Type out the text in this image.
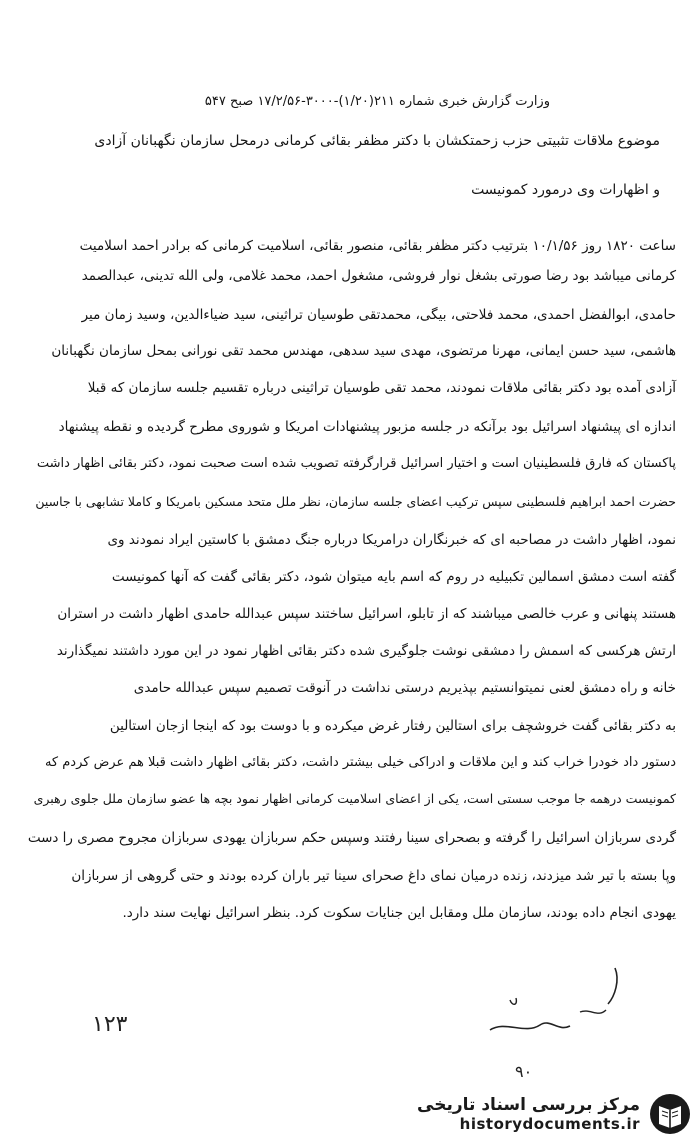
وزارت گزارش خبری شماره ۲۱۱(۱/۲۰)-۳۰۰۰-۱۷/۲/۵۶ صبح ۵۴۷
موضوع ملاقات تثبیتی حزب زحمتکشان با دکتر مظفر بقائی کرمانی درمحل سازمان نگهبانان آزادی
و اظهارات وی درمورد کمونیست
ساعت ۱۸۲۰ روز ۱۰/۱/۵۶ بترتیب دکتر مظفر بقائی، منصور بقائی، اسلامیت کرمانی که برادر احمد اسلامیت
کرمانی میباشد بود رضا صورتی بشغل نوار فروشی، مشغول احمد، محمد غلامی، ولی الله تدینی، عبدالصمد
حامدی، ابوالفضل احمدی، محمد فلاحتی، بیگی، محمدتقی طوسیان تراثینی، سید ضیاءالدین، وسید زمان میر
هاشمی، سید حسن ایمانی، مهرنا مرتضوی، مهدی سید سدهی، مهندس محمد تقی نورانی بمحل سازمان نگهبانان
آزادی آمده بود دکتر بقائی ملاقات نمودند، محمد تقی طوسیان تراثینی درباره تقسیم جلسه سازمان که قبلا
اندازه ای پیشنهاد اسرائیل بود برآنکه در جلسه مزبور پیشنهادات امریکا و شوروی مطرح گردیده و نقطه پیشنهاد
پاکستان که فارق فلسطینیان است و اختیار اسرائیل قرارگرفته تصویب شده است صحبت نمود، دکتر بقائی اظهار داشت
حضرت احمد ابراهیم فلسطینی سپس ترکیب اعضای جلسه سازمان، نظر ملل متحد مسکین بامریکا و کاملا تشابهی با جاسین
نمود، اظهار داشت در مصاحبه ای که خبرنگاران درامریکا درباره جنگ دمشق با کاستین ایراد نمودند وی
گفته است دمشق اسمالین تکبیلیه در روم که اسم بایه میتوان شود، دکتر بقائی گفت که آنها کمونیست
هستند پنهانی و عرب خالصی میباشند که از تابلو، اسرائیل ساختند سپس عبدالله حامدی اظهار داشت در استران
ارتش هرکسی که اسمش را دمشقی نوشت جلوگیری شده دکتر بقائی اظهار نمود در این مورد داشتند نمیگذارند
خانه و راه دمشق لعنی نمیتوانستیم بپذیریم درستی نداشت در آنوقت تصمیم سپس عبدالله حامدی
به دکتر بقائی گفت خروشچف برای استالین رفتار غرض میکرده و با دوست بود که اینجا ازجان استالین
دستور داد خودرا خراب کند و این ملاقات و ادراکی خیلی بیشتر داشت، دکتر بقائی اظهار داشت قبلا هم عرض کردم که
کمونیست درهمه جا موجب سستی است، یکی از اعضای اسلامیت کرمانی اظهار نمود بچه ها عضو سازمان ملل جلوی رهبری
گردی سربازان اسرائیل را گرفته و بصحرای سینا رفتند وسپس حکم سربازان یهودی سربازان مجروح مصری را دست
وپا بسته با تیر شد میزدند، زنده درمیان نمای داغ صحرای سینا تیر باران کرده بودند و حتی گروهی از سربازان
یهودی انجام داده بودند، سازمان ملل ومقابل این جنایات سکوت کرد. بنظر اسرائیل نهایت سند دارد.
۹۰
۱۲۳
مرکز بررسی اسناد تاریخی
historydocuments.ir
